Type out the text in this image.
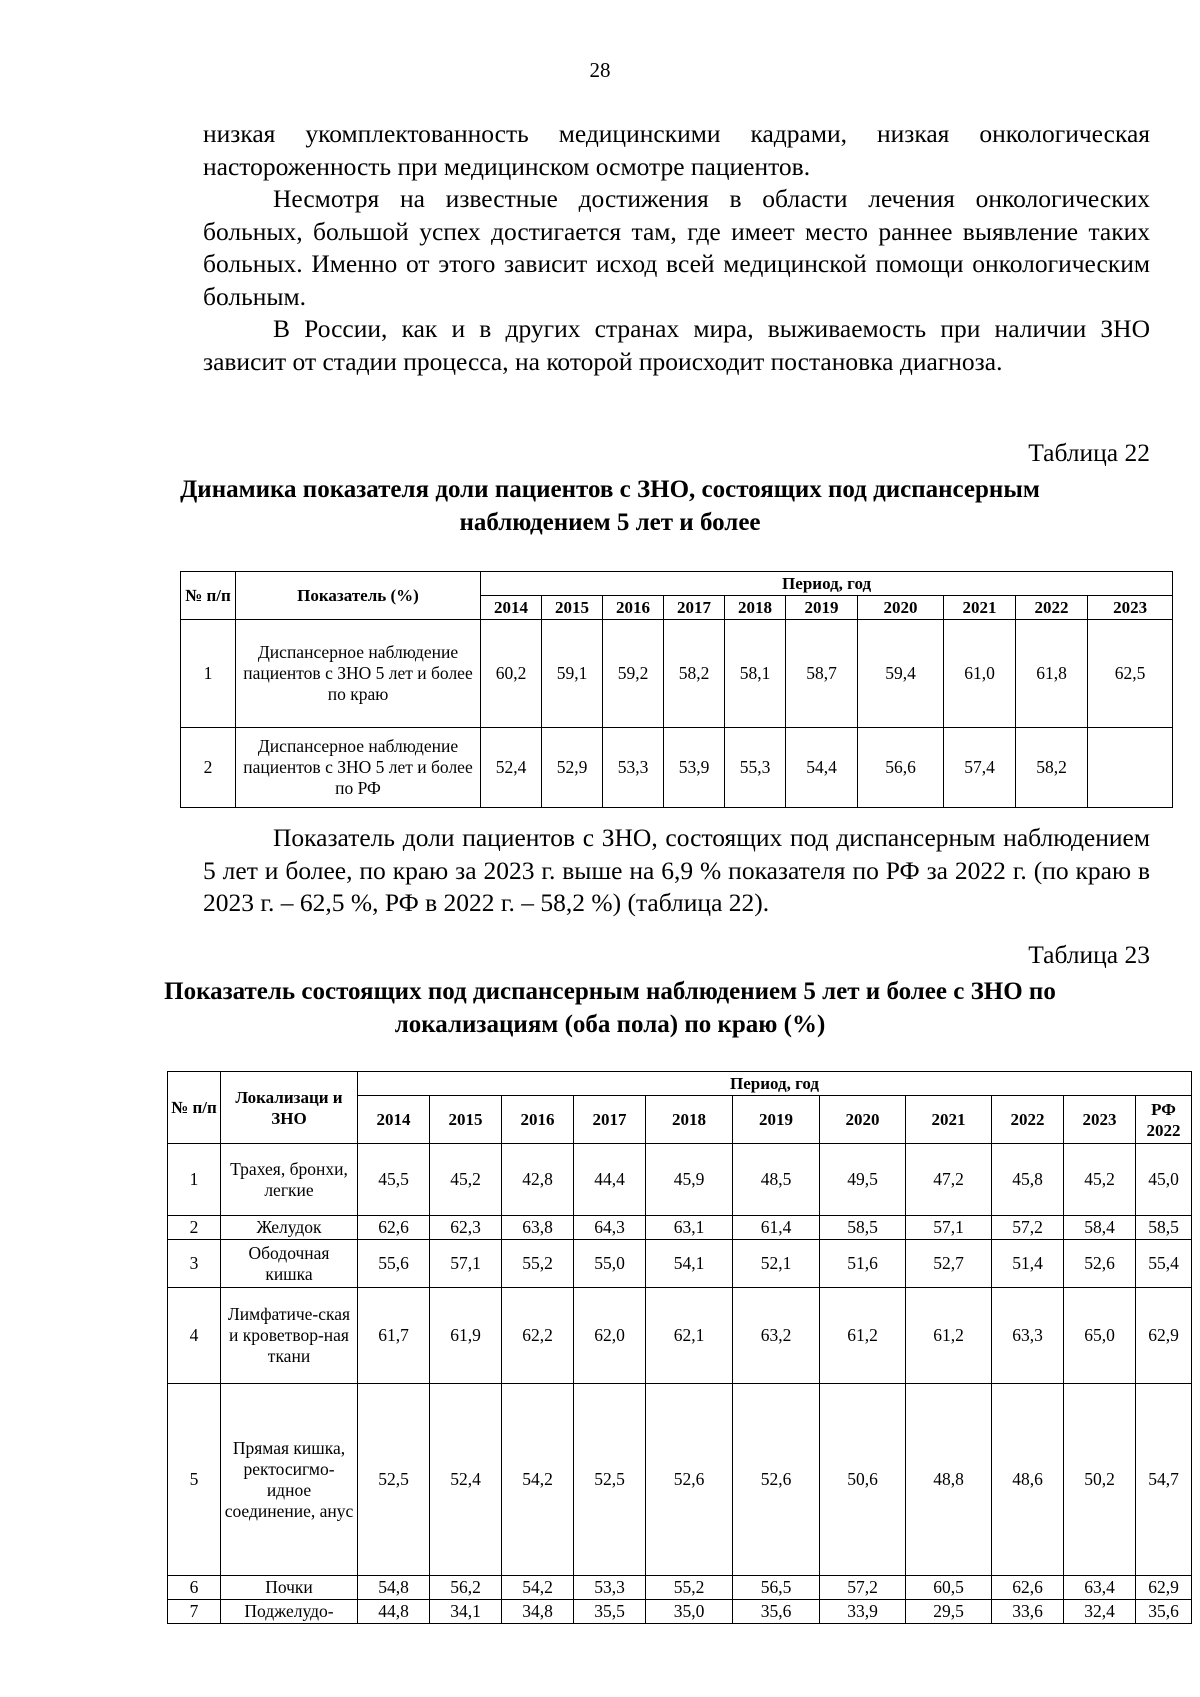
28

низкая укомплектованность медицинскими кадрами, низкая онкологическая настороженность при медицинском осмотре пациентов.

Несмотря на известные достижения в области лечения онкологических больных, большой успех достигается там, где имеет место раннее выявление таких больных. Именно от этого зависит исход всей медицинской помощи онкологическим больным.

В России, как и в других странах мира, выживаемость при наличии ЗНО зависит от стадии процесса, на которой происходит постановка диагноза.

Таблица 22
Динамика показателя доли пациентов с ЗНО, состоящих под диспансерным наблюдением 5 лет и более
№ п/п	Показатель (%)	Период, год									
		2014	2015	2016	2017	2018	2019	2020	2021	2022	2023
1	Диспансерное наблюдение пациентов с ЗНО 5 лет и более по краю	60,2	59,1	59,2	58,2	58,1	58,7	59,4	61,0	61,8	62,5
2	Диспансерное наблюдение пациентов с ЗНО 5 лет и более по РФ	52,4	52,9	53,3	53,9	55,3	54,4	56,6	57,4	58,2	

Показатель доли пациентов с ЗНО, состоящих под диспансерным наблюдением 5 лет и более, по краю за 2023 г. выше на 6,9 % показателя по РФ за 2022 г. (по краю в 2023 г. – 62,5 %, РФ в 2022 г. – 58,2 %) (таблица 22).

Таблица 23
Показатель состоящих под диспансерным наблюдением 5 лет и более с ЗНО по локализациям (оба пола) по краю (%)
№ п/п	Локализаци и ЗНО	Период, год										
		2014	2015	2016	2017	2018	2019	2020	2021	2022	2023	РФ 2022
1	Трахея, бронхи, легкие	45,5	45,2	42,8	44,4	45,9	48,5	49,5	47,2	45,8	45,2	45,0
2	Желудок	62,6	62,3	63,8	64,3	63,1	61,4	58,5	57,1	57,2	58,4	58,5
3	Ободочная кишка	55,6	57,1	55,2	55,0	54,1	52,1	51,6	52,7	51,4	52,6	55,4
4	Лимфатиче-ская и кроветвор-ная ткани	61,7	61,9	62,2	62,0	62,1	63,2	61,2	61,2	63,3	65,0	62,9
5	Прямая кишка, ректосигмо-идное соединение, анус	52,5	52,4	54,2	52,5	52,6	52,6	50,6	48,8	48,6	50,2	54,7
6	Почки	54,8	56,2	54,2	53,3	55,2	56,5	57,2	60,5	62,6	63,4	62,9
7	Поджелудо-	44,8	34,1	34,8	35,5	35,0	35,6	33,9	29,5	33,6	32,4	35,6
